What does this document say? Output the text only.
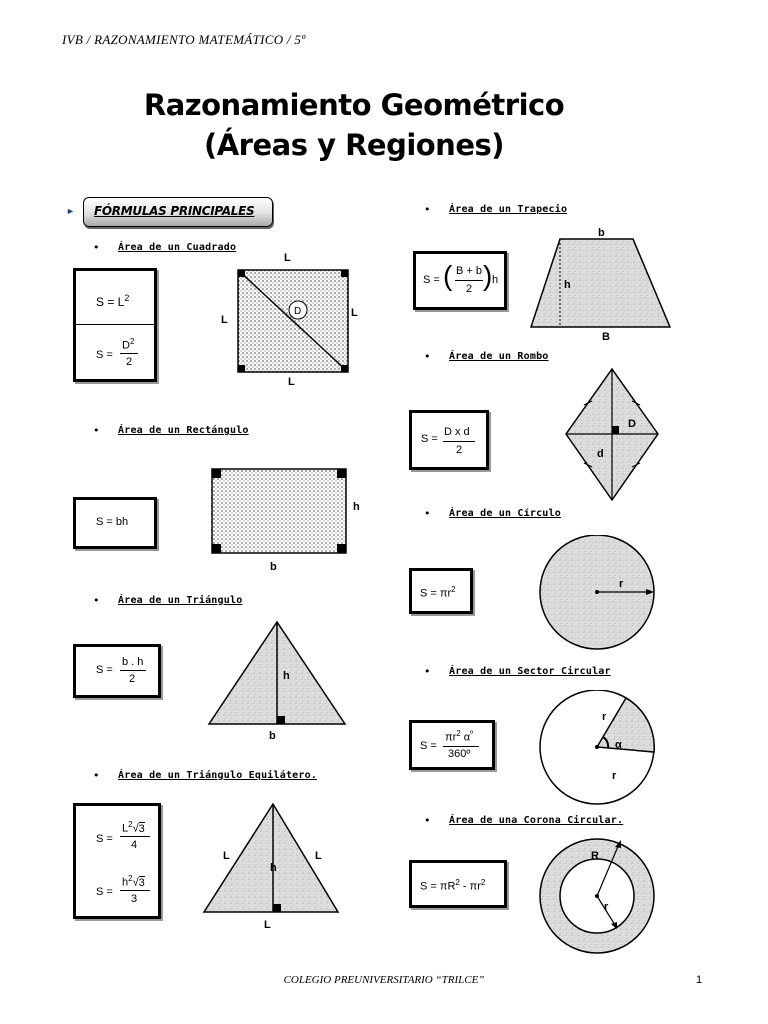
IVB / RAZONAMIENTO MATEMÁTICO / 5º
Razonamiento Geométrico
(Áreas y Regiones)
► FÓRMULAS PRINCIPALES
• Área de un Cuadrado
$S = L^2$
S =
$D^2$
2
D
L
L
L
L
• Área de un Rectángulo
S = bh
h
b
• Área de un Triángulo
S =
b . h
2	h
b
• Área de un Triángulo Equilátero.
S =
$L^2√3$
4
S =
$h^2√3$
3
L	L
h
L
• Área de un Trapecio
S = ( B + b
2 ) h
b
h
B
• Área de un Rombo
S =
D x d
2
D
d
• Área de un Círculo
$S = \pi r^2$	r
• Área de un Sector Circular
S =
$\pi r^2$ $\alpha^º$
360º
α
r
r
• Área de una Corona Circular.
$S = \pi R^2 - \pi r^2$
R
r
COLEGIO PREUNIVERSITARIO “TRILCE”	1
